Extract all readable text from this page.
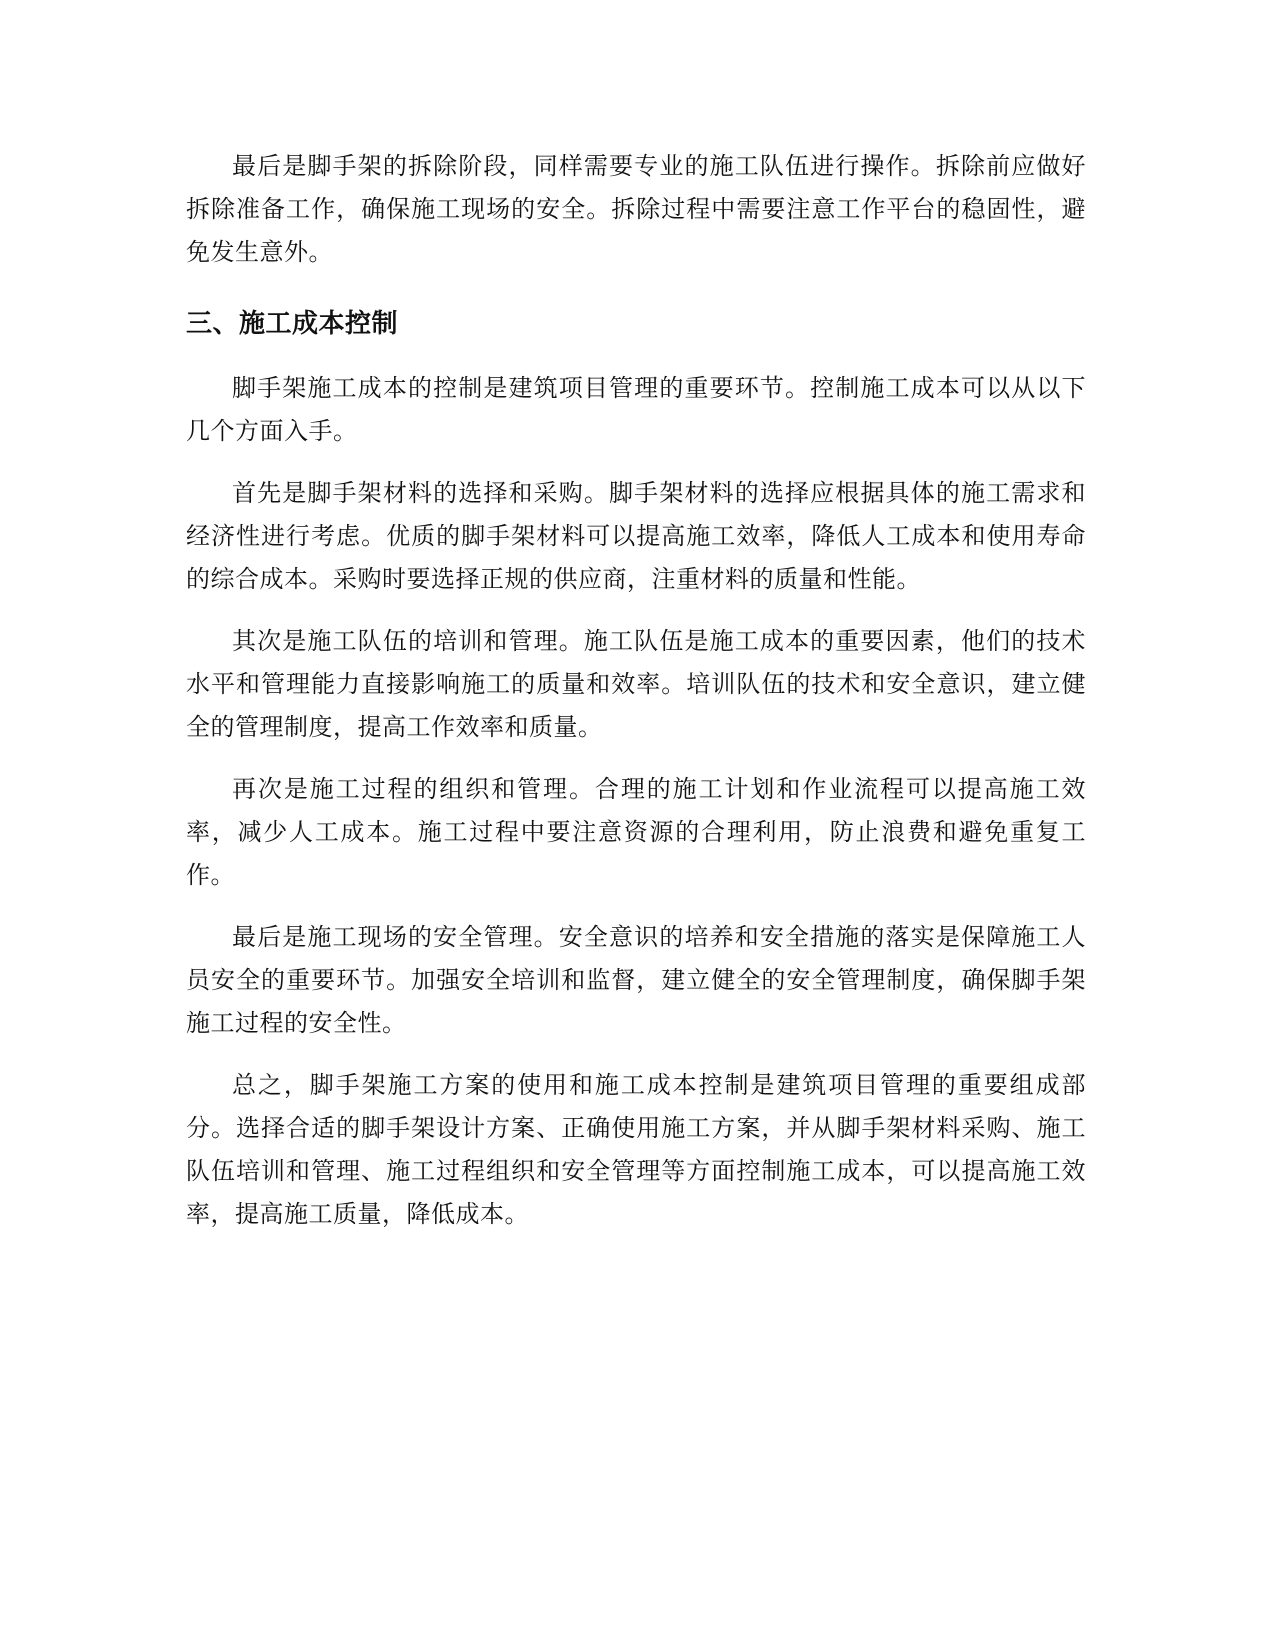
最后是脚手架的拆除阶段，同样需要专业的施工队伍进行操作。拆除前应做好拆除准备工作，确保施工现场的安全。拆除过程中需要注意工作平台的稳固性，避免发生意外。

三、施工成本控制

脚手架施工成本的控制是建筑项目管理的重要环节。控制施工成本可以从以下几个方面入手。

首先是脚手架材料的选择和采购。脚手架材料的选择应根据具体的施工需求和经济性进行考虑。优质的脚手架材料可以提高施工效率，降低人工成本和使用寿命的综合成本。采购时要选择正规的供应商，注重材料的质量和性能。

其次是施工队伍的培训和管理。施工队伍是施工成本的重要因素，他们的技术水平和管理能力直接影响施工的质量和效率。培训队伍的技术和安全意识，建立健全的管理制度，提高工作效率和质量。

再次是施工过程的组织和管理。合理的施工计划和作业流程可以提高施工效率，减少人工成本。施工过程中要注意资源的合理利用，防止浪费和避免重复工作。

最后是施工现场的安全管理。安全意识的培养和安全措施的落实是保障施工人员安全的重要环节。加强安全培训和监督，建立健全的安全管理制度，确保脚手架施工过程的安全性。

总之，脚手架施工方案的使用和施工成本控制是建筑项目管理的重要组成部分。选择合适的脚手架设计方案、正确使用施工方案，并从脚手架材料采购、施工队伍培训和管理、施工过程组织和安全管理等方面控制施工成本，可以提高施工效率，提高施工质量，降低成本。
